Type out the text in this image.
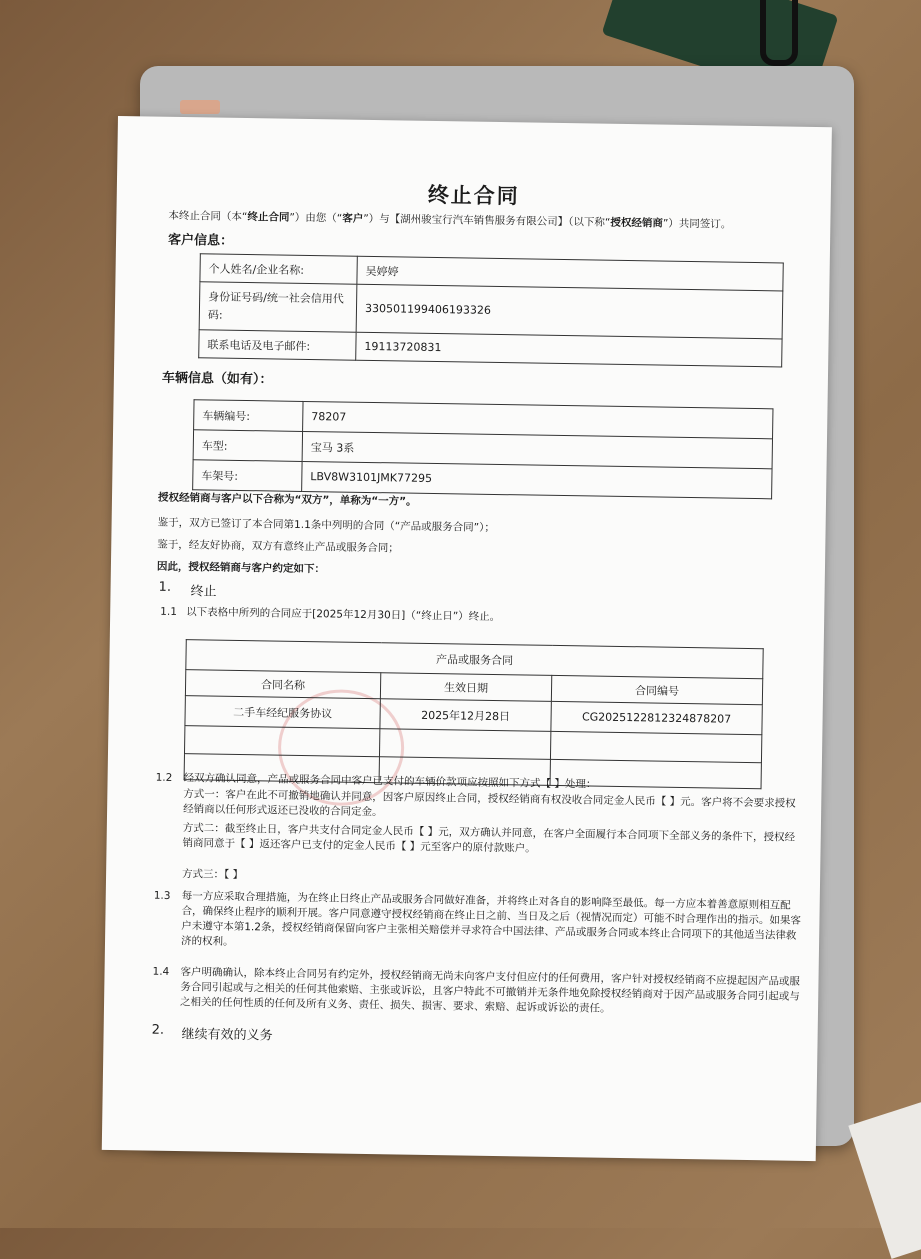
终止合同
本终止合同（本“终止合同”）由您（“客户”）与【湖州骏宝行汽车销售服务有限公司】（以下称“授权经销商”）共同签订。
客户信息：
个人姓名/企业名称:	吴婷婷
身份证号码/统一社会信用代码:	330501199406193326
联系电话及电子邮件:	19113720831
车辆信息（如有）：
车辆编号:	78207
车型:	宝马 3系
车架号:	LBV8W3101JMK77295
授权经销商与客户以下合称为“双方”，单称为“一方”。
鉴于，双方已签订了本合同第1.1条中列明的合同（“产品或服务合同”）；
鉴于，经友好协商，双方有意终止产品或服务合同；
因此，授权经销商与客户约定如下：
1. 终止
1.1 以下表格中所列的合同应于[2025年12月30日]（“终止日”）终止。
产品或服务合同		
合同名称	生效日期	合同编号
二手车经纪服务协议	2025年12月28日	CG2025122812324878207

1.2 经双方确认同意，产品或服务合同中客户已支付的车辆价款项应按照如下方式【 】处理：
方式一：客户在此不可撤销地确认并同意，因客户原因终止合同，授权经销商有权没收合同定金人民币【 】元。客户将不会要求授权经销商以任何形式返还已没收的合同定金。
方式二：截至终止日，客户共支付合同定金人民币【 】元，双方确认并同意，在客户全面履行本合同项下全部义务的条件下，授权经销商同意于【 】返还客户已支付的定金人民币【 】元至客户的原付款账户。
方式三：【 】
1.3 每一方应采取合理措施，为在终止日终止产品或服务合同做好准备，并将终止对各自的影响降至最低。每一方应本着善意原则相互配合，确保终止程序的顺利开展。客户同意遵守授权经销商在终止日之前、当日及之后（视情况而定）可能不时合理作出的指示。如果客户未遵守本第1.2条，授权经销商保留向客户主张相关赔偿并寻求符合中国法律、产品或服务合同或本终止合同项下的其他适当法律救济的权利。
1.4 客户明确确认，除本终止合同另有约定外，授权经销商无尚未向客户支付但应付的任何费用，客户针对授权经销商不应提起因产品或服务合同引起或与之相关的任何其他索赔、主张或诉讼，且客户特此不可撤销并无条件地免除授权经销商对于因产品或服务合同引起或与之相关的任何性质的任何及所有义务、责任、损失、损害、要求、索赔、起诉或诉讼的责任。
2. 继续有效的义务
